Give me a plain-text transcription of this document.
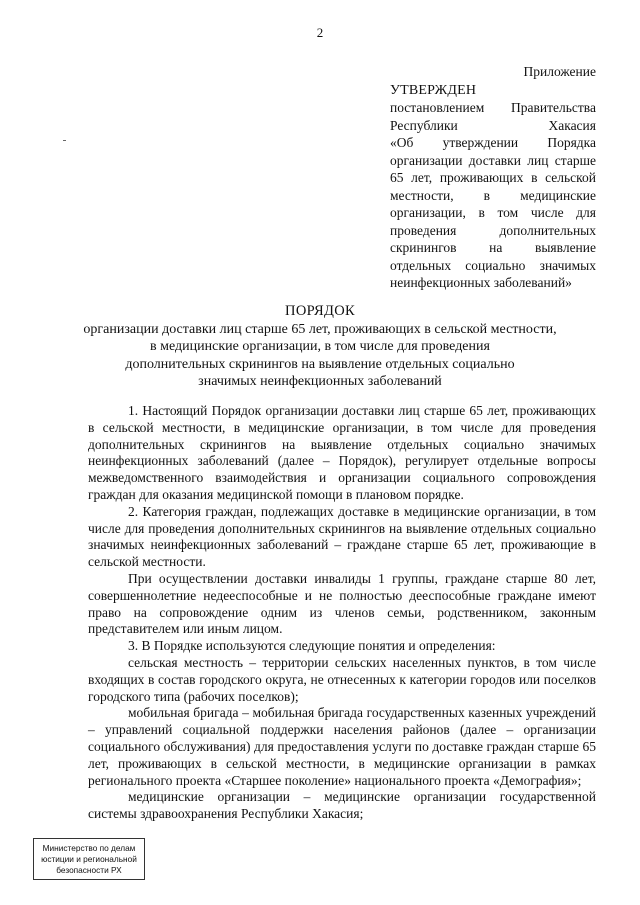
2
Приложение
УТВЕРЖДЕН
постановлением Правительства
Республики Хакасия
«Об утверждении Порядка
организации доставки лиц старше
65 лет, проживающих в сельской
местности, в медицинские
организации, в том числе для
проведения дополнительных
скринингов на выявление
отдельных социально значимых
неинфекционных заболеваний»
ПОРЯДОК
организации доставки лиц старше 65 лет, проживающих в сельской местности,
в медицинские организации, в том числе для проведения
дополнительных скринингов на выявление отдельных социально
значимых неинфекционных заболеваний

1. Настоящий Порядок организации доставки лиц старше 65 лет, проживающих в сельской местности, в медицинские организации, в том числе для проведения дополнительных скринингов на выявление отдельных социально значимых неинфекционных заболеваний (далее – Порядок), регулирует отдельные вопросы межведомственного взаимодействия и организации социального сопровождения граждан для оказания медицинской помощи в плановом порядке.

2. Категория граждан, подлежащих доставке в медицинские организации, в том числе для проведения дополнительных скринингов на выявление отдельных социально значимых неинфекционных заболеваний – граждане старше 65 лет, проживающие в сельской местности.

При осуществлении доставки инвалиды 1 группы, граждане старше 80 лет, совершеннолетние недееспособные и не полностью дееспособные граждане имеют право на сопровождение одним из членов семьи, родственником, законным представителем или иным лицом.

3. В Порядке используются следующие понятия и определения:

сельская местность – территории сельских населенных пунктов, в том числе входящих в состав городского округа, не отнесенных к категории городов или поселков городского типа (рабочих поселков);

мобильная бригада – мобильная бригада государственных казенных учреждений – управлений социальной поддержки населения районов (далее – организации социального обслуживания) для предоставления услуги по доставке граждан старше 65 лет, проживающих в сельской местности, в медицинские организации в рамках регионального проекта «Старшее поколение» национального проекта «Демография»;

медицинские организации – медицинские организации государственной системы здравоохранения Республики Хакасия;

Министерство по делам
юстиции и региональной
безопасности РХ
